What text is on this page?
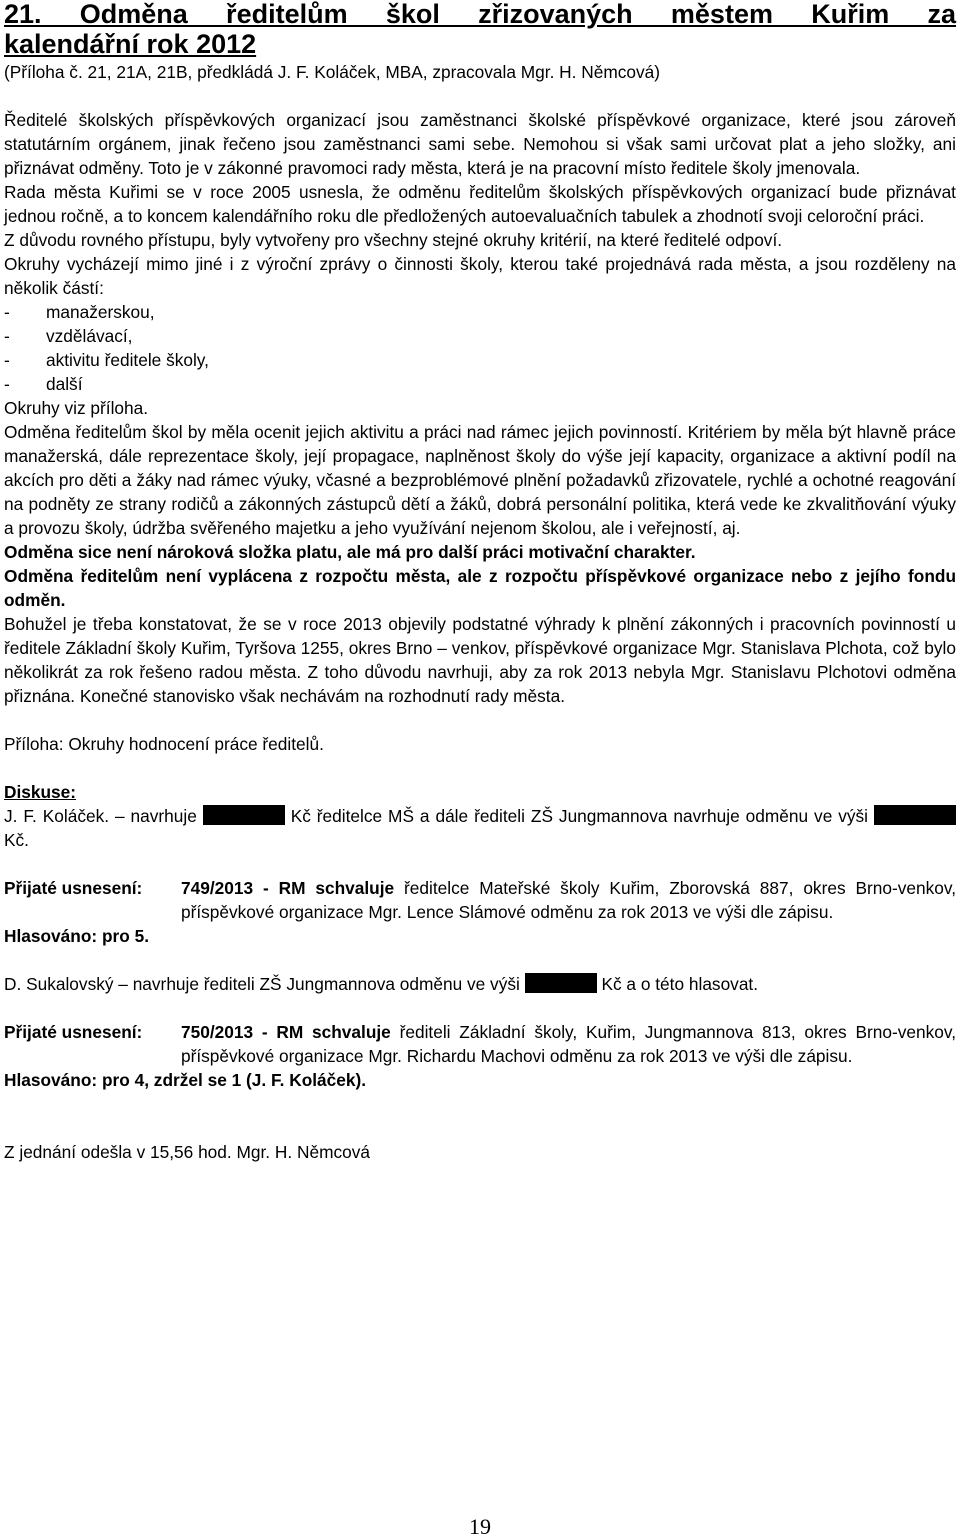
21. Odměna ředitelům škol zřizovaných městem Kuřim za
kalendářní rok 2012

(Příloha č. 21, 21A, 21B, předkládá J. F. Koláček, MBA, zpracovala Mgr. H. Němcová)

Ředitelé školských příspěvkových organizací jsou zaměstnanci školské příspěvkové organizace, které jsou zároveň statutárním orgánem, jinak řečeno jsou zaměstnanci sami sebe. Nemohou si však sami určovat plat a jeho složky, ani přiznávat odměny. Toto je v zákonné pravomoci rady města, která je na pracovní místo ředitele školy jmenovala.

Rada města Kuřimi se v roce 2005 usnesla, že odměnu ředitelům školských příspěvkových organizací bude přiznávat jednou ročně, a to koncem kalendářního roku dle předložených autoevaluačních tabulek a zhodnotí svoji celoroční práci.

Z důvodu rovného přístupu, byly vytvořeny pro všechny stejné okruhy kritérií, na které ředitelé odpoví.

Okruhy vycházejí mimo jiné i z výroční zprávy o činnosti školy, kterou také projednává rada města, a jsou rozděleny na několik částí:

- manažerskou,
- vzdělávací,
- aktivitu ředitele školy,
- další

Okruhy viz příloha.

Odměna ředitelům škol by měla ocenit jejich aktivitu a práci nad rámec jejich povinností. Kritériem by měla být hlavně práce manažerská, dále reprezentace školy, její propagace, naplněnost školy do výše její kapacity, organizace a aktivní podíl na akcích pro děti a žáky nad rámec výuky, včasné a bezproblémové plnění požadavků zřizovatele, rychlé a ochotné reagování na podněty ze strany rodičů a zákonných zástupců dětí a žáků, dobrá personální politika, která vede ke zkvalitňování výuky a provozu školy, údržba svěřeného majetku a jeho využívání nejenom školou, ale i veřejností, aj.

Odměna sice není nároková složka platu, ale má pro další práci motivační charakter.

Odměna ředitelům není vyplácena z rozpočtu města, ale z rozpočtu příspěvkové organizace nebo z jejího fondu odměn.

Bohužel je třeba konstatovat, že se v roce 2013 objevily podstatné výhrady k plnění zákonných i pracovních povinností u ředitele Základní školy Kuřim, Tyršova 1255, okres Brno – venkov, příspěvkové organizace Mgr. Stanislava Plchota, což bylo několikrát za rok řešeno radou města. Z toho důvodu navrhuji, aby za rok 2013 nebyla Mgr. Stanislavu Plchotovi odměna přiznána. Konečné stanovisko však nechávám na rozhodnutí rady města.

Příloha: Okruhy hodnocení práce ředitelů.

Diskuse:

J. F. Koláček. – navrhuje	Kč ředitelce MŠ a dále řediteli ZŠ Jungmannova navrhuje odměnu ve výši  Kč.

Přijaté usnesení:	749/2013 - RM schvaluje ředitelce Mateřské školy Kuřim, Zborovská 887, okres Brno-venkov, příspěvkové organizace Mgr. Lence Slámové odměnu za rok 2013 ve výši dle zápisu.

Hlasováno: pro 5.

D. Sukalovský – navrhuje řediteli ZŠ Jungmannova odměnu ve výši	Kč a o této hlasovat.

Přijaté usnesení:	750/2013 - RM schvaluje řediteli Základní školy, Kuřim, Jungmannova 813, okres Brno-venkov, příspěvkové organizace Mgr. Richardu Machovi odměnu za rok 2013 ve výši dle zápisu.

Hlasováno: pro 4, zdržel se 1 (J. F. Koláček).

Z jednání odešla v 15,56 hod. Mgr. H. Němcová

19
